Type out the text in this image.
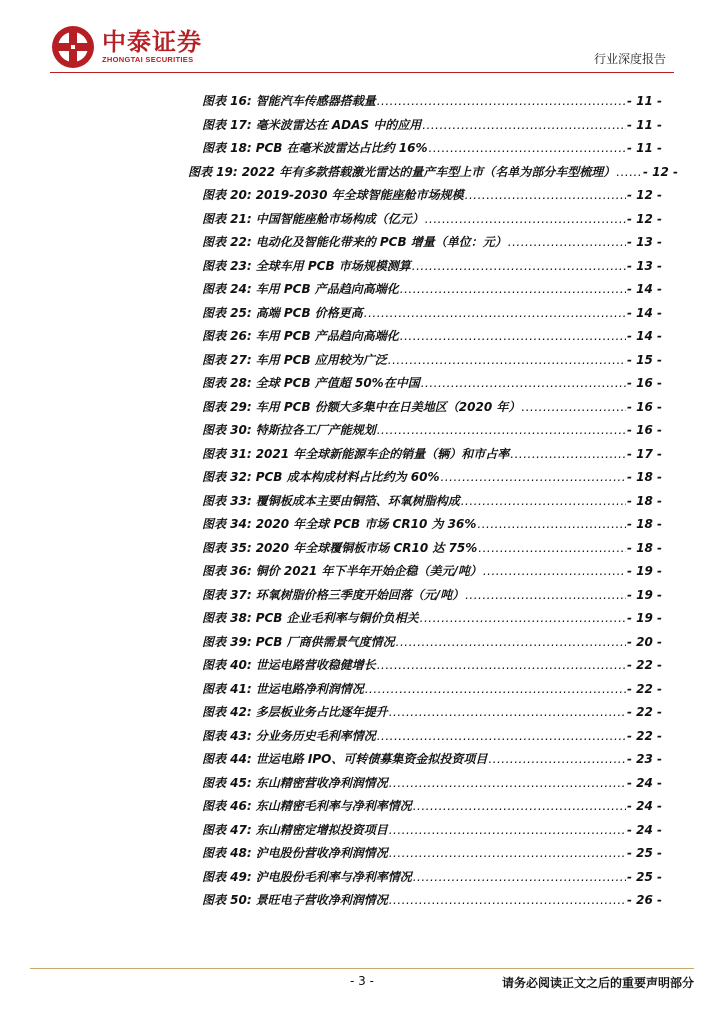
中泰证券
ZHONGTAI SECURITIES	行业深度报告
图表 16: 智能汽车传感器搭载量 .....	- 11 -
图表 17: 毫米波雷达在 ADAS 中的应用 .....	- 11 -
图表 18: PCB 在毫米波雷达占比约 16% .....	- 11 -
图表 19: 2022 年有多款搭载激光雷达的量产车型上市（名单为部分车型梳理） ..... - 12 -
图表 20: 2019-2030 年全球智能座舱市场规模 .....	- 12 -
图表 21: 中国智能座舱市场构成（亿元） .....	- 12 -
图表 22: 电动化及智能化带来的 PCB 增量（单位：元） .....	- 13 -
图表 23: 全球车用 PCB 市场规模测算 .....	- 13 -
图表 24: 车用 PCB 产品趋向高端化 .....	- 14 -
图表 25: 高端 PCB 价格更高 .....	- 14 -
图表 26: 车用 PCB 产品趋向高端化 .....	- 14 -
图表 27: 车用 PCB 应用较为广泛 .....	- 15 -
图表 28: 全球 PCB 产值超 50%在中国 .....	- 16 -
图表 29: 车用 PCB 份额大多集中在日美地区（2020 年） .....	- 16 -
图表 30: 特斯拉各工厂产能规划 .....	- 16 -
图表 31: 2021 年全球新能源车企的销量（辆）和市占率 .....	- 17 -
图表 32: PCB 成本构成材料占比约为 60% .....	- 18 -
图表 33: 覆铜板成本主要由铜箔、环氧树脂构成 .....	- 18 -
图表 34: 2020 年全球 PCB 市场 CR10 为 36% .....	- 18 -
图表 35: 2020 年全球覆铜板市场 CR10 达 75% .....	- 18 -
图表 36: 铜价 2021 年下半年开始企稳（美元/吨） .....	- 19 -
图表 37: 环氧树脂价格三季度开始回落（元/吨） .....	- 19 -
图表 38: PCB 企业毛利率与铜价负相关 .....	- 19 -
图表 39: PCB 厂商供需景气度情况 .....	- 20 -
图表 40: 世运电路营收稳健增长 .....	- 22 -
图表 41: 世运电路净利润情况 .....	- 22 -
图表 42: 多层板业务占比逐年提升 .....	- 22 -
图表 43: 分业务历史毛利率情况 .....	- 22 -
图表 44: 世运电路 IPO、可转债募集资金拟投资项目 .....	- 23 -
图表 45: 东山精密营收净利润情况 .....	- 24 -
图表 46: 东山精密毛利率与净利率情况 .....	- 24 -
图表 47: 东山精密定增拟投资项目 .....	- 24 -
图表 48: 沪电股份营收净利润情况 .....	- 25 -
图表 49: 沪电股份毛利率与净利率情况 .....	- 25 -
图表 50: 景旺电子营收净利润情况 .....	- 26 -
- 3 -	请务必阅读正文之后的重要声明部分
